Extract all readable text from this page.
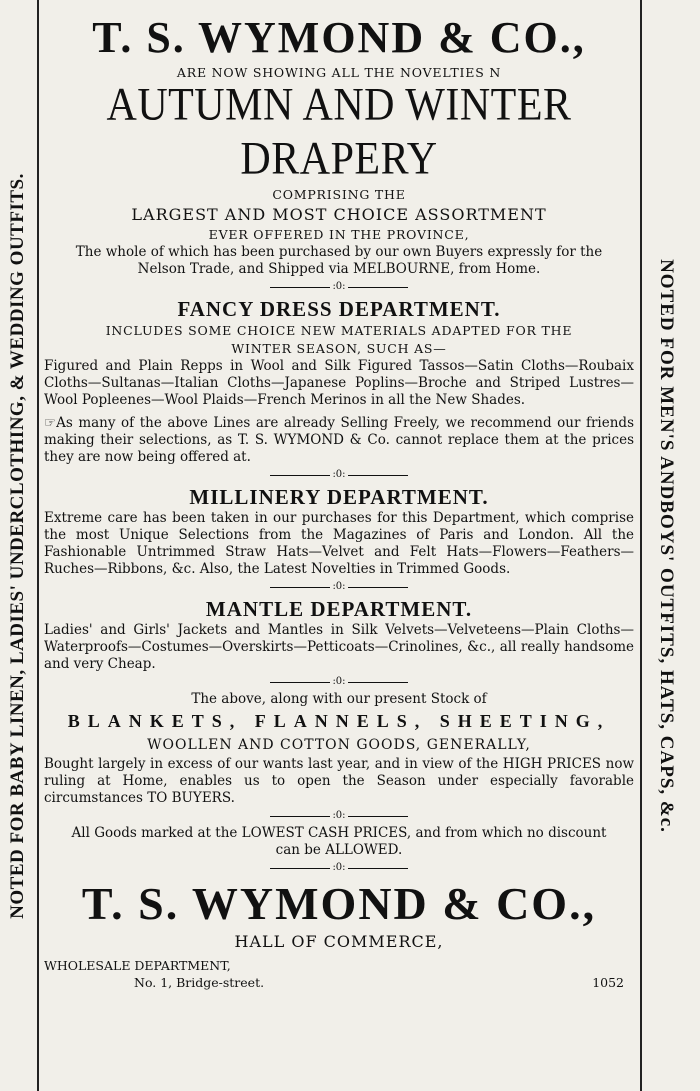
NOTED FOR BABY LINEN, LADIES' UNDERCLOTHING, & WEDDING OUTFITS.	NOTED FOR MEN'S ANDBOYS' OUTFITS, HATS, CAPS, &c.
T. S. WYMOND & CO.,
ARE NOW SHOWING ALL THE NOVELTIES N
AUTUMN AND WINTER DRAPERY
COMPRISING THE
LARGEST AND MOST CHOICE ASSORTMENT
EVER OFFERED IN THE PROVINCE,
The whole of which has been purchased by our own Buyers expressly for the
Nelson Trade, and Shipped via MELBOURNE, from Home.
:0:
FANCY DRESS DEPARTMENT.
INCLUDES SOME CHOICE NEW MATERIALS ADAPTED FOR THE
WINTER SEASON, SUCH AS—
Figured and Plain Repps in Wool and Silk Figured Tassos—Satin Cloths—Roubaix Cloths—Sultanas—Italian Cloths—Japanese Poplins—Broche and Striped Lustres—Wool Popleenes—Wool Plaids—French Merinos in all the New Shades.
☞As many of the above Lines are already Selling Freely, we recommend our friends making their selections, as T. S. WYMOND & Co. cannot replace them at the prices they are now being offered at.
:0:
MILLINERY DEPARTMENT.
Extreme care has been taken in our purchases for this Department, which comprise the most Unique Selections from the Magazines of Paris and London. All the Fashionable Untrimmed Straw Hats—Velvet and Felt Hats—Flowers—Feathers—Ruches—Ribbons, &c. Also, the Latest Novelties in Trimmed Goods.
:0:
MANTLE DEPARTMENT.
Ladies' and Girls' Jackets and Mantles in Silk Velvets—Velveteens—Plain Cloths—Waterproofs—Costumes—Overskirts—Petticoats—Crinolines, &c., all really handsome and very Cheap.
:0:
The above, along with our present Stock of
BLANKETS, FLANNELS, SHEETING,
WOOLLEN AND COTTON GOODS, GENERALLY,
Bought largely in excess of our wants last year, and in view of the HIGH PRICES now ruling at Home, enables us to open the Season under especially favorable circumstances TO BUYERS.
:0:
All Goods marked at the LOWEST CASH PRICES, and from which no discount
can be ALLOWED.
:0:
T. S. WYMOND & CO.,
HALL OF COMMERCE,
WHOLESALE DEPARTMENT,
No. 1, Bridge-street.	1052
